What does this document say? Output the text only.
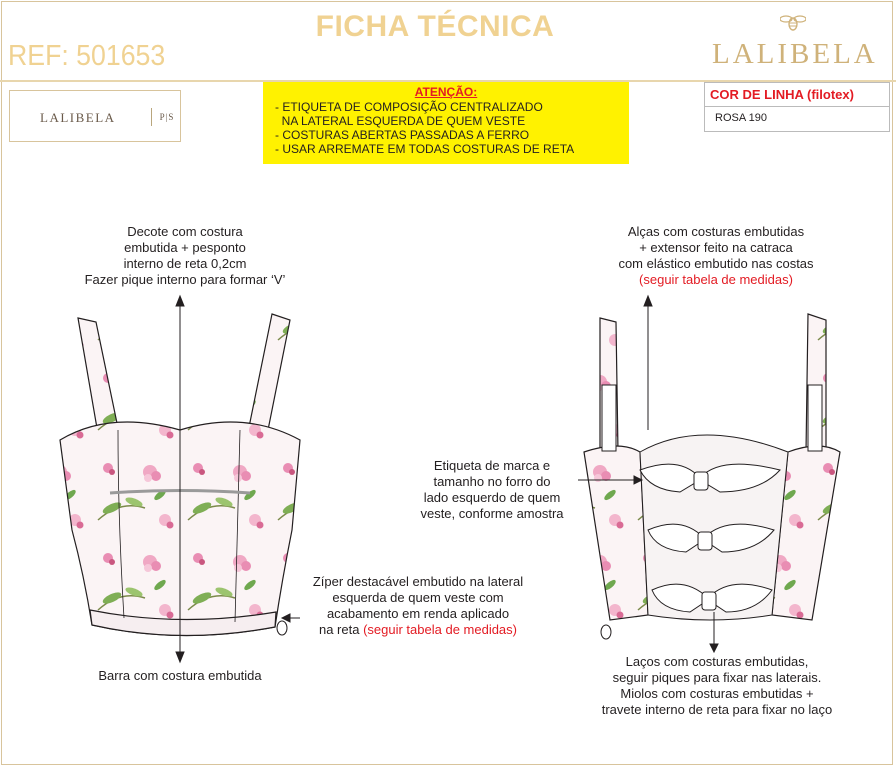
FICHA TÉCNICA
REF: 501653	LALIBELA
LALIBELA	P|S
ATENÇÃO:
- ETIQUETA DE COMPOSIÇÃO CENTRALIZADO
NA LATERAL ESQUERDA DE QUEM VESTE
- COSTURAS ABERTAS PASSADAS A FERRO
- USAR ARREMATE EM TODAS COSTURAS DE RETA
COR DE LINHA (filotex)
ROSA 190
Decote com costura
embutida + pesponto
interno de reta 0,2cm
Fazer pique interno para formar ‘V’
Barra com costura embutida
Zíper destacável embutido na lateral
esquerda de quem veste com
acabamento em renda aplicado
na reta (seguir tabela de medidas)
Alças com costuras embutidas
+ extensor feito na catraca
com elástico embutido nas costas
(seguir tabela de medidas)
Etiqueta de marca e
tamanho no forro do
lado esquerdo de quem
veste, conforme amostra
Laços com costuras embutidas,
seguir piques para fixar nas laterais.
Miolos com costuras embutidas +
travete interno de reta para fixar no laço
